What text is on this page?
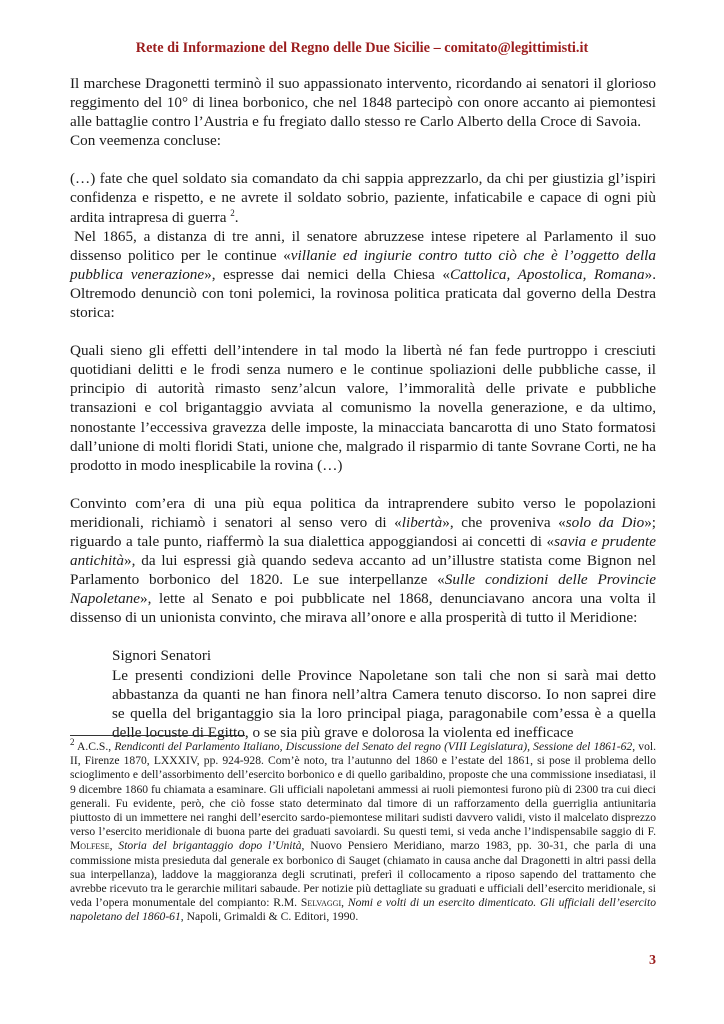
Rete di Informazione del Regno delle Due Sicilie – comitato@legittimisti.it

Il marchese Dragonetti terminò il suo appassionato intervento, ricordando ai senatori il glorioso reggimento del 10° di linea borbonico, che nel 1848 partecipò con onore accanto ai piemontesi alle battaglie contro l’Austria e fu fregiato dallo stesso re Carlo Alberto della Croce di Savoia.

Con veemenza concluse:

(…) fate che quel soldato sia comandato da chi sappia apprezzarlo, da chi per giustizia gl’ispiri confidenza e rispetto, e ne avrete il soldato sobrio, paziente, infaticabile e capace di ogni più ardita intrapresa di guerra $^2$.

Nel 1865, a distanza di tre anni, il senatore abruzzese intese ripetere al Parlamento il suo dissenso politico per le continue «villanie ed ingiurie contro tutto ciò che è l’oggetto della pubblica venerazione», espresse dai nemici della Chiesa «Cattolica, Apostolica, Romana». Oltremodo denunciò con toni polemici, la rovinosa politica praticata dal governo della Destra storica:

Quali sieno gli effetti dell’intendere in tal modo la libertà né fan fede purtroppo i cresciuti quotidiani delitti e le frodi senza numero e le continue spoliazioni delle pubbliche casse, il principio di autorità rimasto senz’alcun valore, l’immoralità delle private e pubbliche transazioni e col brigantaggio avviata al comunismo la novella generazione, e da ultimo, nonostante l’eccessiva gravezza delle imposte, la minacciata bancarotta di uno Stato formatosi dall’unione di molti floridi Stati, unione che, malgrado il risparmio di tante Sovrane Corti, ne ha prodotto in modo inesplicabile la rovina (…)

Convinto com’era di una più equa politica da intraprendere subito verso le popolazioni meridionali, richiamò i senatori al senso vero di «libertà», che proveniva «solo da Dio»; riguardo a tale punto, riaffermò la sua dialettica appoggiandosi ai concetti di «savia e prudente antichità», da lui espressi già quando sedeva accanto ad un’illustre statista come Bignon nel Parlamento borbonico del 1820. Le sue interpellanze «Sulle condizioni delle Provincie Napoletane», lette al Senato e poi pubblicate nel 1868, denunciavano ancora una volta il dissenso di un unionista convinto, che mirava all’onore e alla prosperità di tutto il Meridione:

Signori Senatori

Le presenti condizioni delle Province Napoletane son tali che non si sarà mai detto abbastanza da quanti ne han finora nell’altra Camera tenuto discorso. Io non saprei dire se quella del brigantaggio sia la loro principal piaga, paragonabile com’essa è a quella delle locuste di Egitto, o se sia più grave e dolorosa la violenta ed inefficace

$^2$ A.C.S., Rendiconti del Parlamento Italiano, Discussione del Senato del regno (VIII Legislatura), Sessione del 1861-62, vol. II, Firenze 1870, LXXXIV, pp. 924-928. Com’è noto, tra l’autunno del 1860 e l’estate del 1861, si pose il problema dello scioglimento e dell’assorbimento dell’esercito borbonico e di quello garibaldino, proposte che una commissione insediatasi, il 9 dicembre 1860 fu chiamata a esaminare. Gli ufficiali napoletani ammessi ai ruoli piemontesi furono più di 2300 tra cui dieci generali. Fu evidente, però, che ciò fosse stato determinato dal timore di un rafforzamento della guerriglia antiunitaria piuttosto di un immettere nei ranghi dell’esercito sardo-piemontese militari sudisti davvero validi, visto il malcelato disprezzo verso l’esercito meridionale di buona parte dei graduati savoiardi. Su questi temi, si veda anche l’indispensabile saggio di F. Molfese, Storia del brigantaggio dopo l’Unità, Nuovo Pensiero Meridiano, marzo 1983, pp. 30-31, che parla di una commissione mista presieduta dal generale ex borbonico di Sauget (chiamato in causa anche dal Dragonetti in altri passi della sua interpellanza), laddove la maggioranza degli scrutinati, preferì il collocamento a riposo sapendo del trattamento che avrebbe ricevuto tra le gerarchie militari sabaude. Per notizie più dettagliate su graduati e ufficiali dell’esercito meridionale, si veda l’opera monumentale del compianto: R.M. Selvaggi, Nomi e volti di un esercito dimenticato. Gli ufficiali dell’esercito napoletano del 1860-61, Napoli, Grimaldi & C. Editori, 1990.

3
